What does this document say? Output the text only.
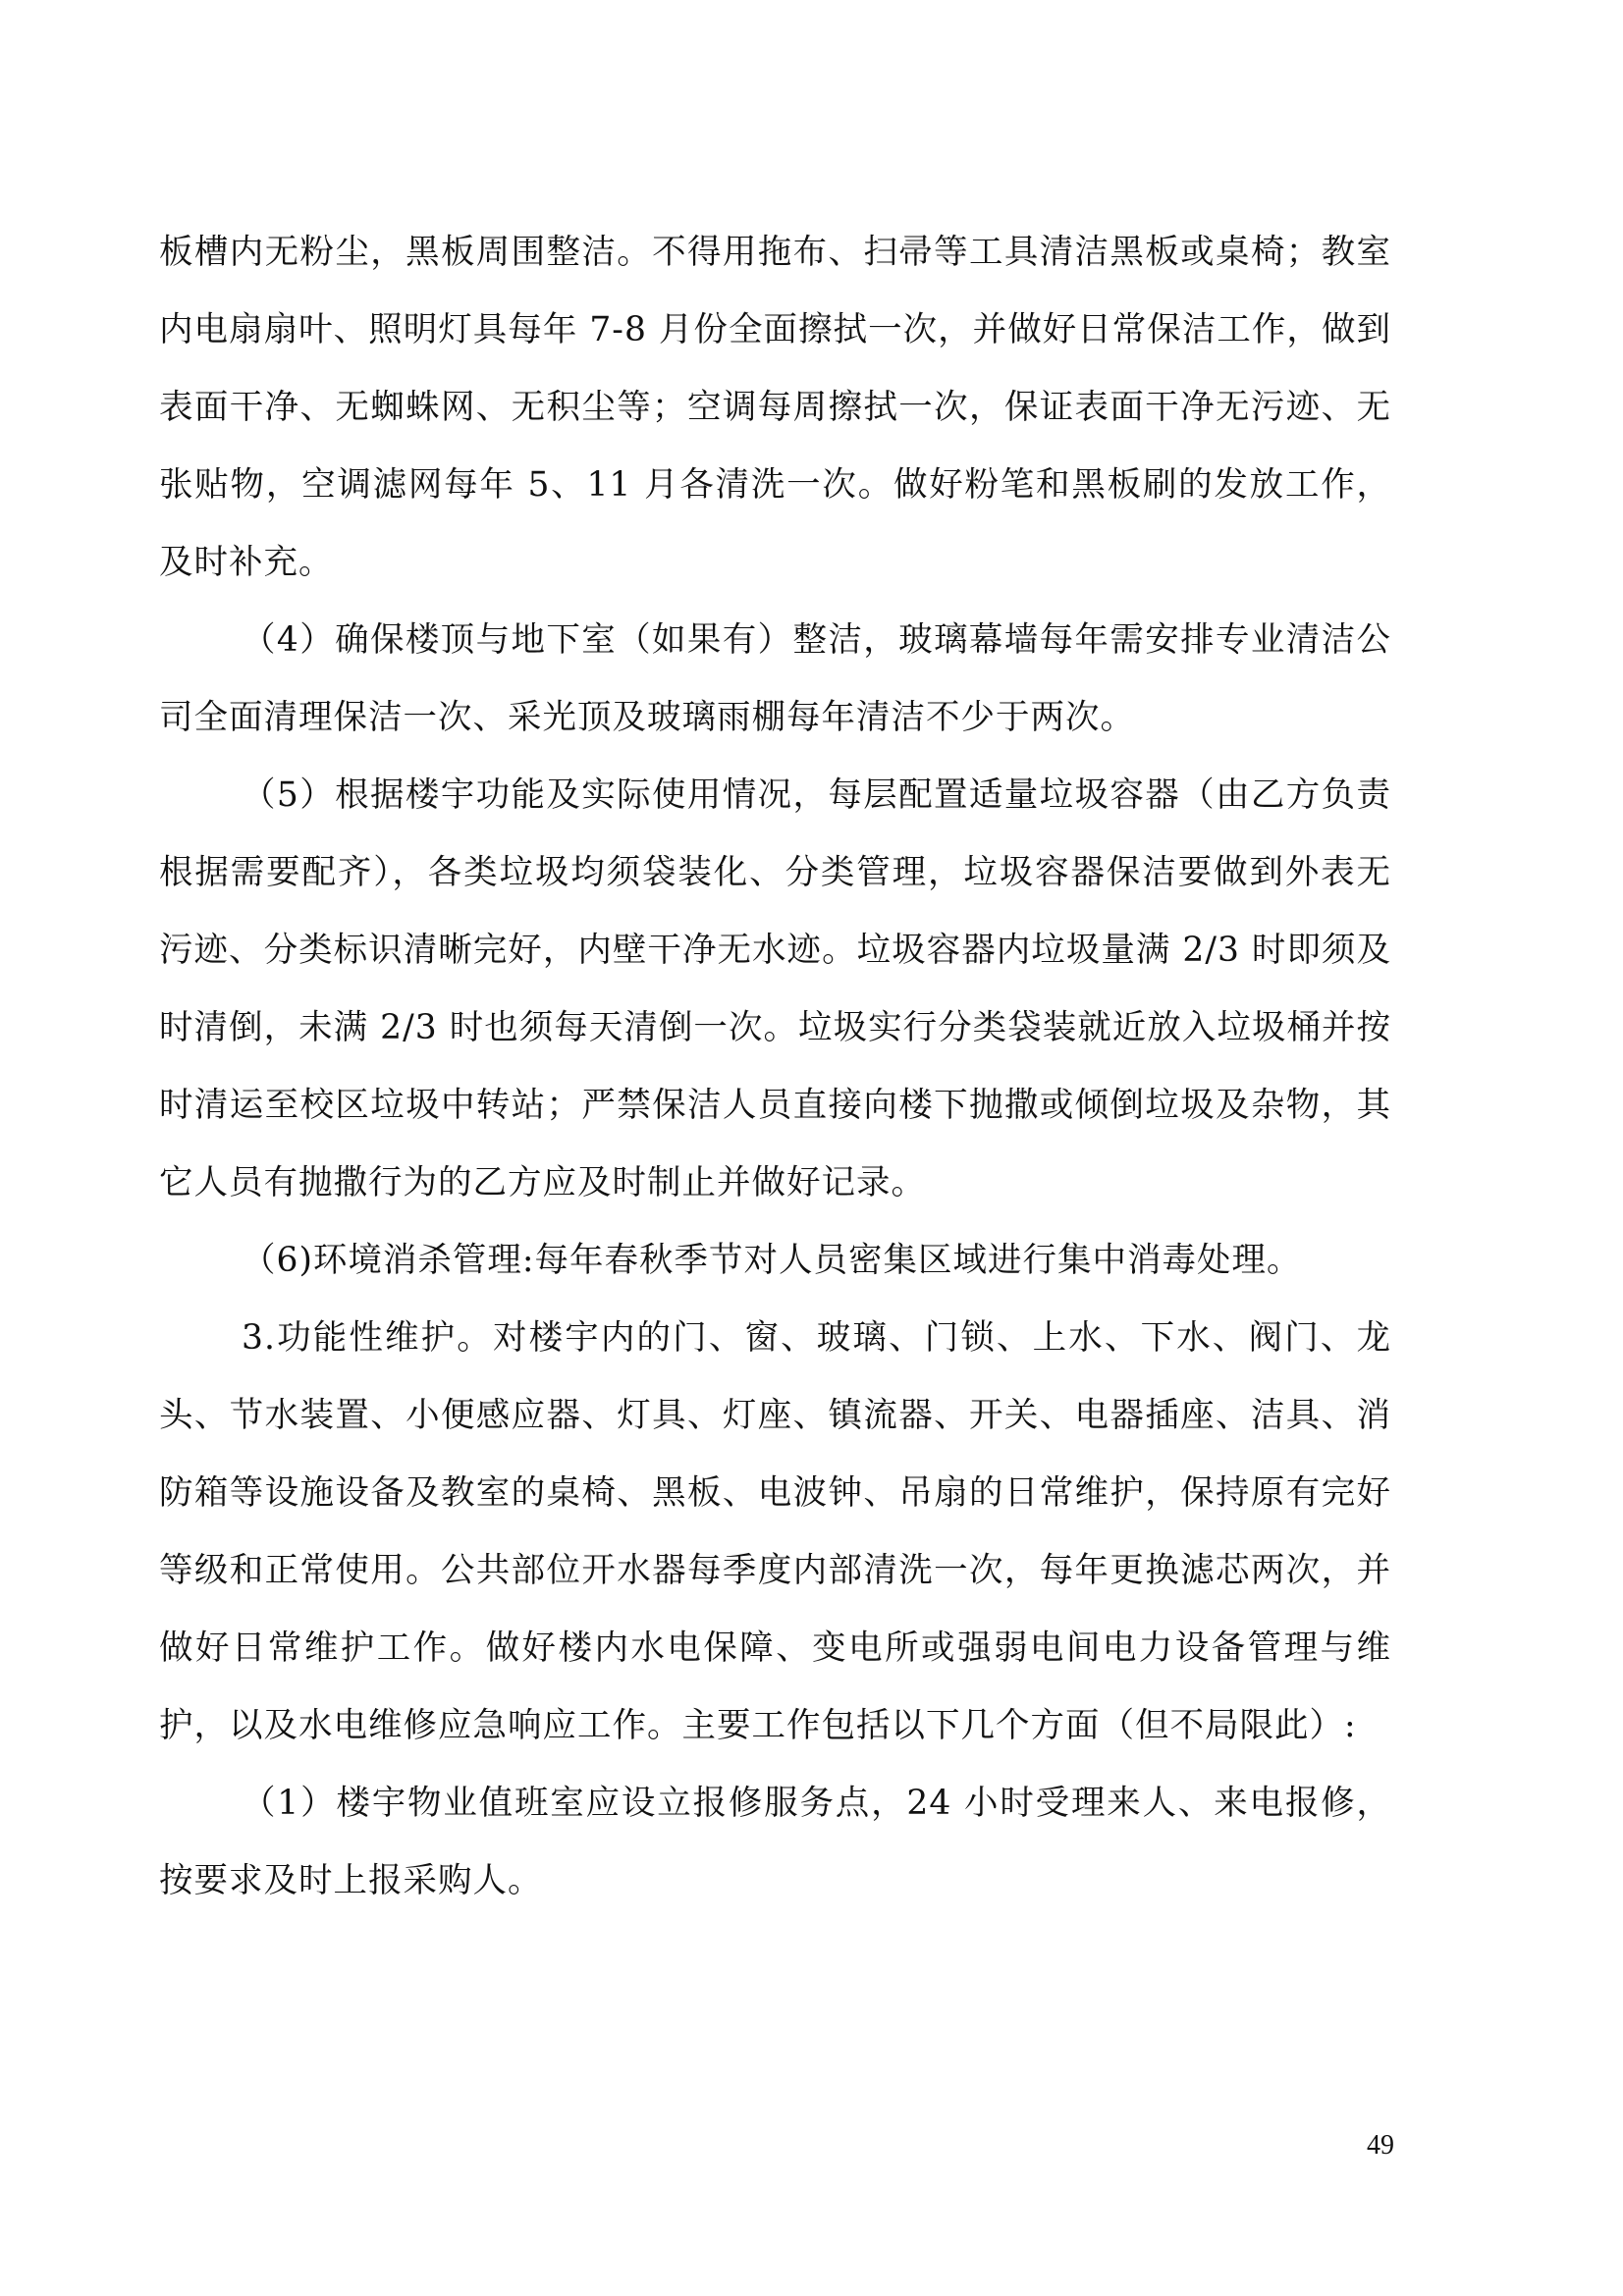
板槽内无粉尘，黑板周围整洁。不得用拖布、扫帚等工具清洁黑板或桌椅；教室内电扇扇叶、照明灯具每年 7-8 月份全面擦拭一次，并做好日常保洁工作，做到表面干净、无蜘蛛网、无积尘等；空调每周擦拭一次，保证表面干净无污迹、无张贴物，空调滤网每年 5、11 月各清洗一次。做好粉笔和黑板刷的发放工作，及时补充。

（4）确保楼顶与地下室（如果有）整洁，玻璃幕墙每年需安排专业清洁公司全面清理保洁一次、采光顶及玻璃雨棚每年清洁不少于两次。

（5）根据楼宇功能及实际使用情况，每层配置适量垃圾容器（由乙方负责根据需要配齐），各类垃圾均须袋装化、分类管理，垃圾容器保洁要做到外表无污迹、分类标识清晰完好，内壁干净无水迹。垃圾容器内垃圾量满 2/3 时即须及时清倒，未满 2/3 时也须每天清倒一次。垃圾实行分类袋装就近放入垃圾桶并按时清运至校区垃圾中转站；严禁保洁人员直接向楼下抛撒或倾倒垃圾及杂物，其它人员有抛撒行为的乙方应及时制止并做好记录。

（6)环境消杀管理:每年春秋季节对人员密集区域进行集中消毒处理。

3.功能性维护。对楼宇内的门、窗、玻璃、门锁、上水、下水、阀门、龙头、节水装置、小便感应器、灯具、灯座、镇流器、开关、电器插座、洁具、消防箱等设施设备及教室的桌椅、黑板、电波钟、吊扇的日常维护，保持原有完好等级和正常使用。公共部位开水器每季度内部清洗一次，每年更换滤芯两次，并做好日常维护工作。做好楼内水电保障、变电所或强弱电间电力设备管理与维护，以及水电维修应急响应工作。主要工作包括以下几个方面（但不局限此）:

（1）楼宇物业值班室应设立报修服务点，24 小时受理来人、来电报修，按要求及时上报采购人。

49
